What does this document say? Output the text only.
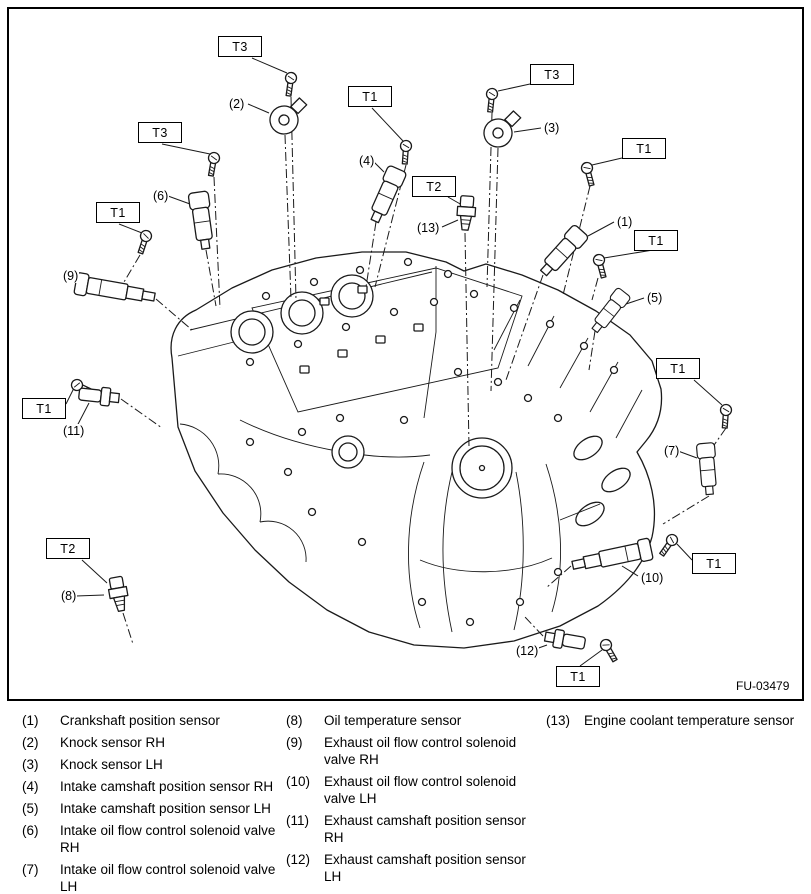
T3
T1
T3
T3
T1
T1
T2
T1
T1
T1
T2
T1
T1
(1)
(2)
(3)
(4)
(5)
(6)
(7)
(8)
(9)
(10)
(11)
(12)
(13)
FU-03479
(1)	Crankshaft position sensor
(2)	Knock sensor RH
(3)	Knock sensor LH
(4)	Intake camshaft position sensor RH
(5)	Intake camshaft position sensor LH
(6)	Intake oil flow control solenoid valve RH
(7)	Intake oil flow control solenoid valve LH
(8)	Oil temperature sensor
(9)	Exhaust oil flow control solenoid valve RH
(10)	Exhaust oil flow control solenoid valve LH
(11)	Exhaust camshaft position sensor RH
(12)	Exhaust camshaft position sensor LH
(13)	Engine coolant temperature sensor
